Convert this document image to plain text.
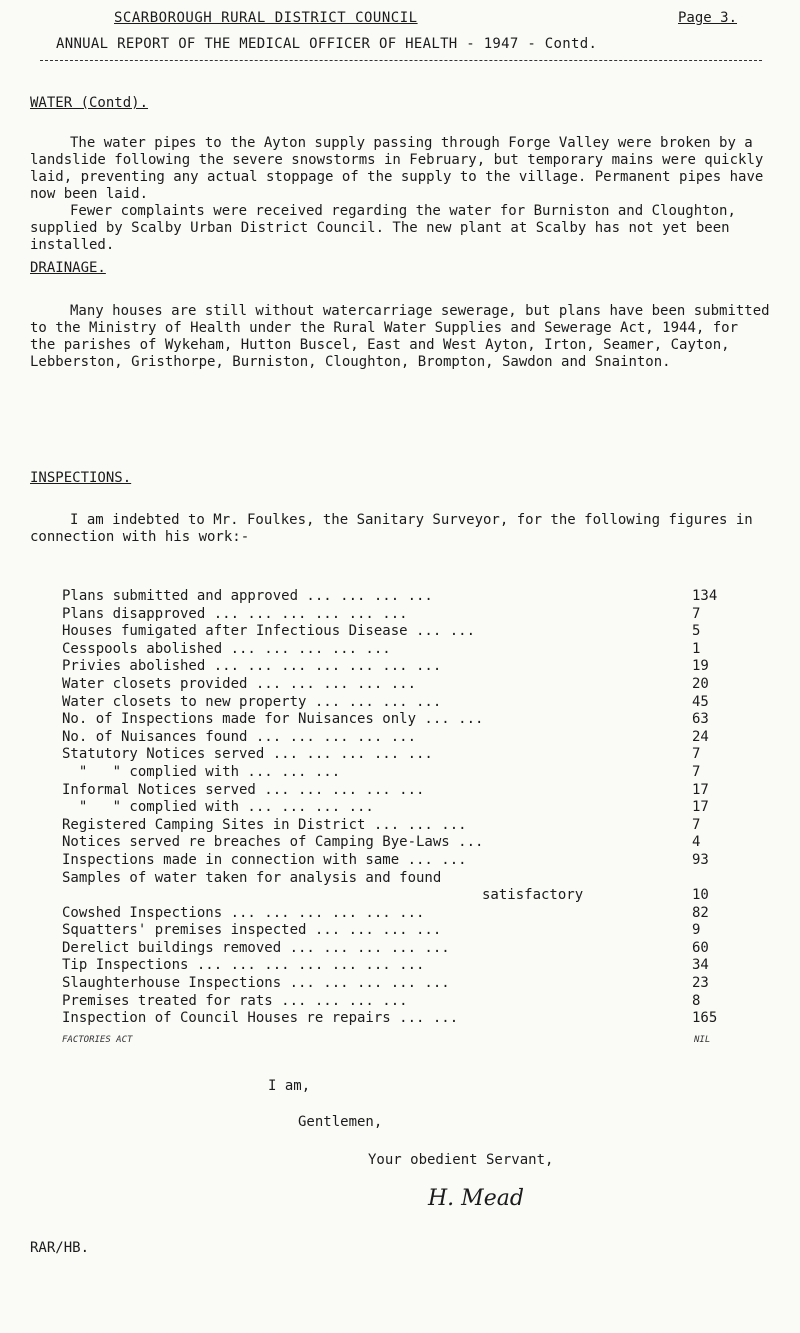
SCARBOROUGH RURAL DISTRICT COUNCIL	Page 3.
ANNUAL REPORT OF THE MEDICAL OFFICER OF HEALTH - 1947 - Contd.
WATER (Contd).

The water pipes to the Ayton supply passing through Forge Valley were broken by a landslide following the severe snowstorms in February, but temporary mains were quickly laid, preventing any actual stoppage of the supply to the village. Permanent pipes have now been laid.

Fewer complaints were received regarding the water for Burniston and Cloughton, supplied by Scalby Urban District Council. The new plant at Scalby has not yet been installed.

DRAINAGE.

Many houses are still without watercarriage sewerage, but plans have been submitted to the Ministry of Health under the Rural Water Supplies and Sewerage Act, 1944, for the parishes of Wykeham, Hutton Buscel, East and West Ayton, Irton, Seamer, Cayton, Lebberston, Gristhorpe, Burniston, Cloughton, Brompton, Sawdon and Snainton.

INSPECTIONS.

I am indebted to Mr. Foulkes, the Sanitary Surveyor, for the following figures in connection with his work:-

Plans submitted and approved ... ... ... ...	134
Plans disapproved ... ... ... ... ... ...	7
Houses fumigated after Infectious Disease ... ...	5
Cesspools abolished ... ... ... ... ...	1
Privies abolished ... ... ... ... ... ... ...	19
Water closets provided ... ... ... ... ...	20
Water closets to new property ... ... ... ...	45
No. of Inspections made for Nuisances only ... ...	63
No. of Nuisances found ... ... ... ... ...	24
Statutory Notices served ... ... ... ... ...	7
"   " complied with ... ... ...	7
Informal Notices served ... ... ... ... ...	17
"   " complied with ... ... ... ...	17
Registered Camping Sites in District ... ... ...	7
Notices served re breaches of Camping Bye-Laws ...	4
Inspections made in connection with same ... ...	93
Samples of water taken for analysis and found
satisfactory	10
Cowshed Inspections ... ... ... ... ... ...	82
Squatters' premises inspected ... ... ... ...	9
Derelict buildings removed ... ... ... ... ...	60
Tip Inspections ... ... ... ... ... ... ...	34
Slaughterhouse Inspections ... ... ... ... ...	23
Premises treated for rats ... ... ... ...	8
Inspection of Council Houses re repairs ... ...	165
FACTORIES ACT	NIL
I am,
Gentlemen,
Your obedient Servant,
H. Mead
RAR/HB.
